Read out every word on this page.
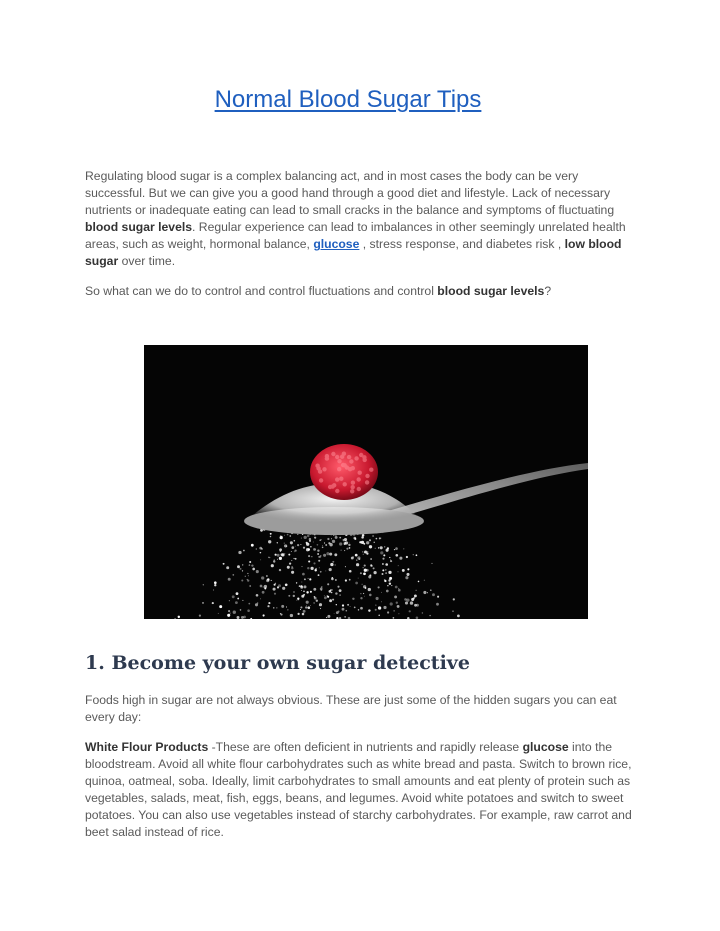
Normal Blood Sugar Tips

Regulating blood sugar is a complex balancing act, and in most cases the body can be very successful. But we can give you a good hand through a good diet and lifestyle. Lack of necessary nutrients or inadequate eating can lead to small cracks in the balance and symptoms of fluctuating blood sugar levels. Regular experience can lead to imbalances in other seemingly unrelated health areas, such as weight, hormonal balance, glucose , stress response, and diabetes risk , low blood sugar over time.

So what can we do to control and control fluctuations and control blood sugar levels?

1. Become your own sugar detective

Foods high in sugar are not always obvious. These are just some of the hidden sugars you can eat every day:

White Flour Products -These are often deficient in nutrients and rapidly release glucose into the bloodstream. Avoid all white flour carbohydrates such as white bread and pasta. Switch to brown rice, quinoa, oatmeal, soba. Ideally, limit carbohydrates to small amounts and eat plenty of protein such as vegetables, salads, meat, fish, eggs, beans, and legumes. Avoid white potatoes and switch to sweet potatoes. You can also use vegetables instead of starchy carbohydrates. For example, raw carrot and beet salad instead of rice.
